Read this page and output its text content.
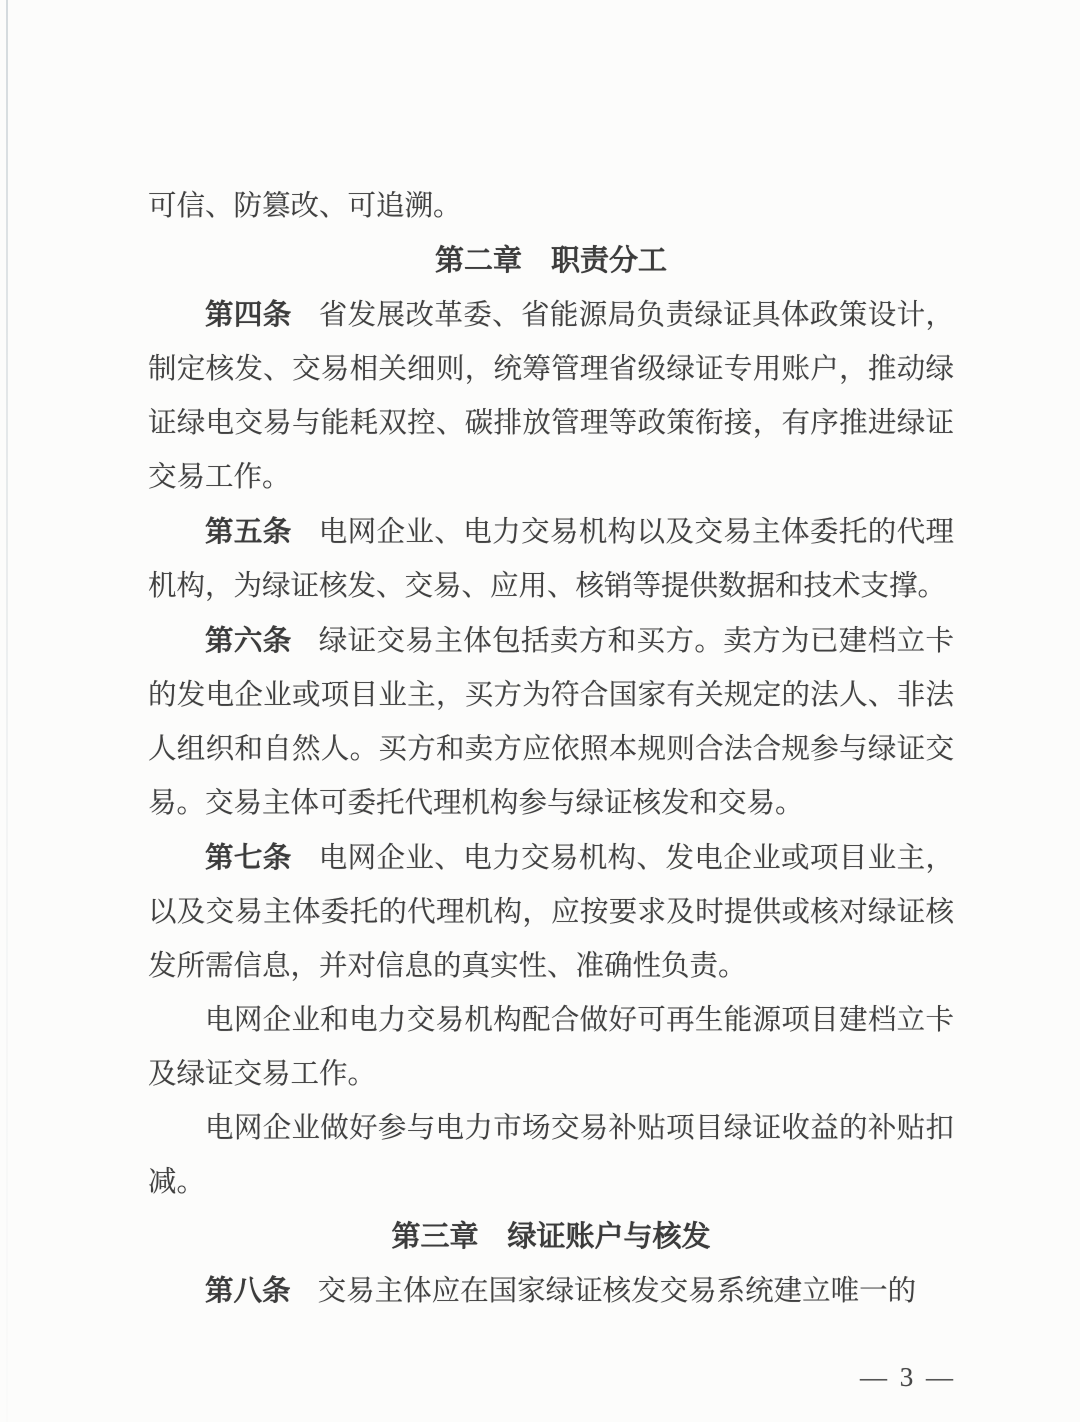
可信、防篡改、可追溯。

第二章 职责分工

第四条 省发展改革委、省能源局负责绿证具体政策设计，制定核发、交易相关细则，统筹管理省级绿证专用账户，推动绿证绿电交易与能耗双控、碳排放管理等政策衔接，有序推进绿证交易工作。

第五条 电网企业、电力交易机构以及交易主体委托的代理机构，为绿证核发、交易、应用、核销等提供数据和技术支撑。

第六条 绿证交易主体包括卖方和买方。卖方为已建档立卡的发电企业或项目业主，买方为符合国家有关规定的法人、非法人组织和自然人。买方和卖方应依照本规则合法合规参与绿证交易。交易主体可委托代理机构参与绿证核发和交易。

第七条 电网企业、电力交易机构、发电企业或项目业主，以及交易主体委托的代理机构，应按要求及时提供或核对绿证核发所需信息，并对信息的真实性、准确性负责。

电网企业和电力交易机构配合做好可再生能源项目建档立卡及绿证交易工作。

电网企业做好参与电力市场交易补贴项目绿证收益的补贴扣减。

第三章 绿证账户与核发

第八条 交易主体应在国家绿证核发交易系统建立唯一的

— 3 —
